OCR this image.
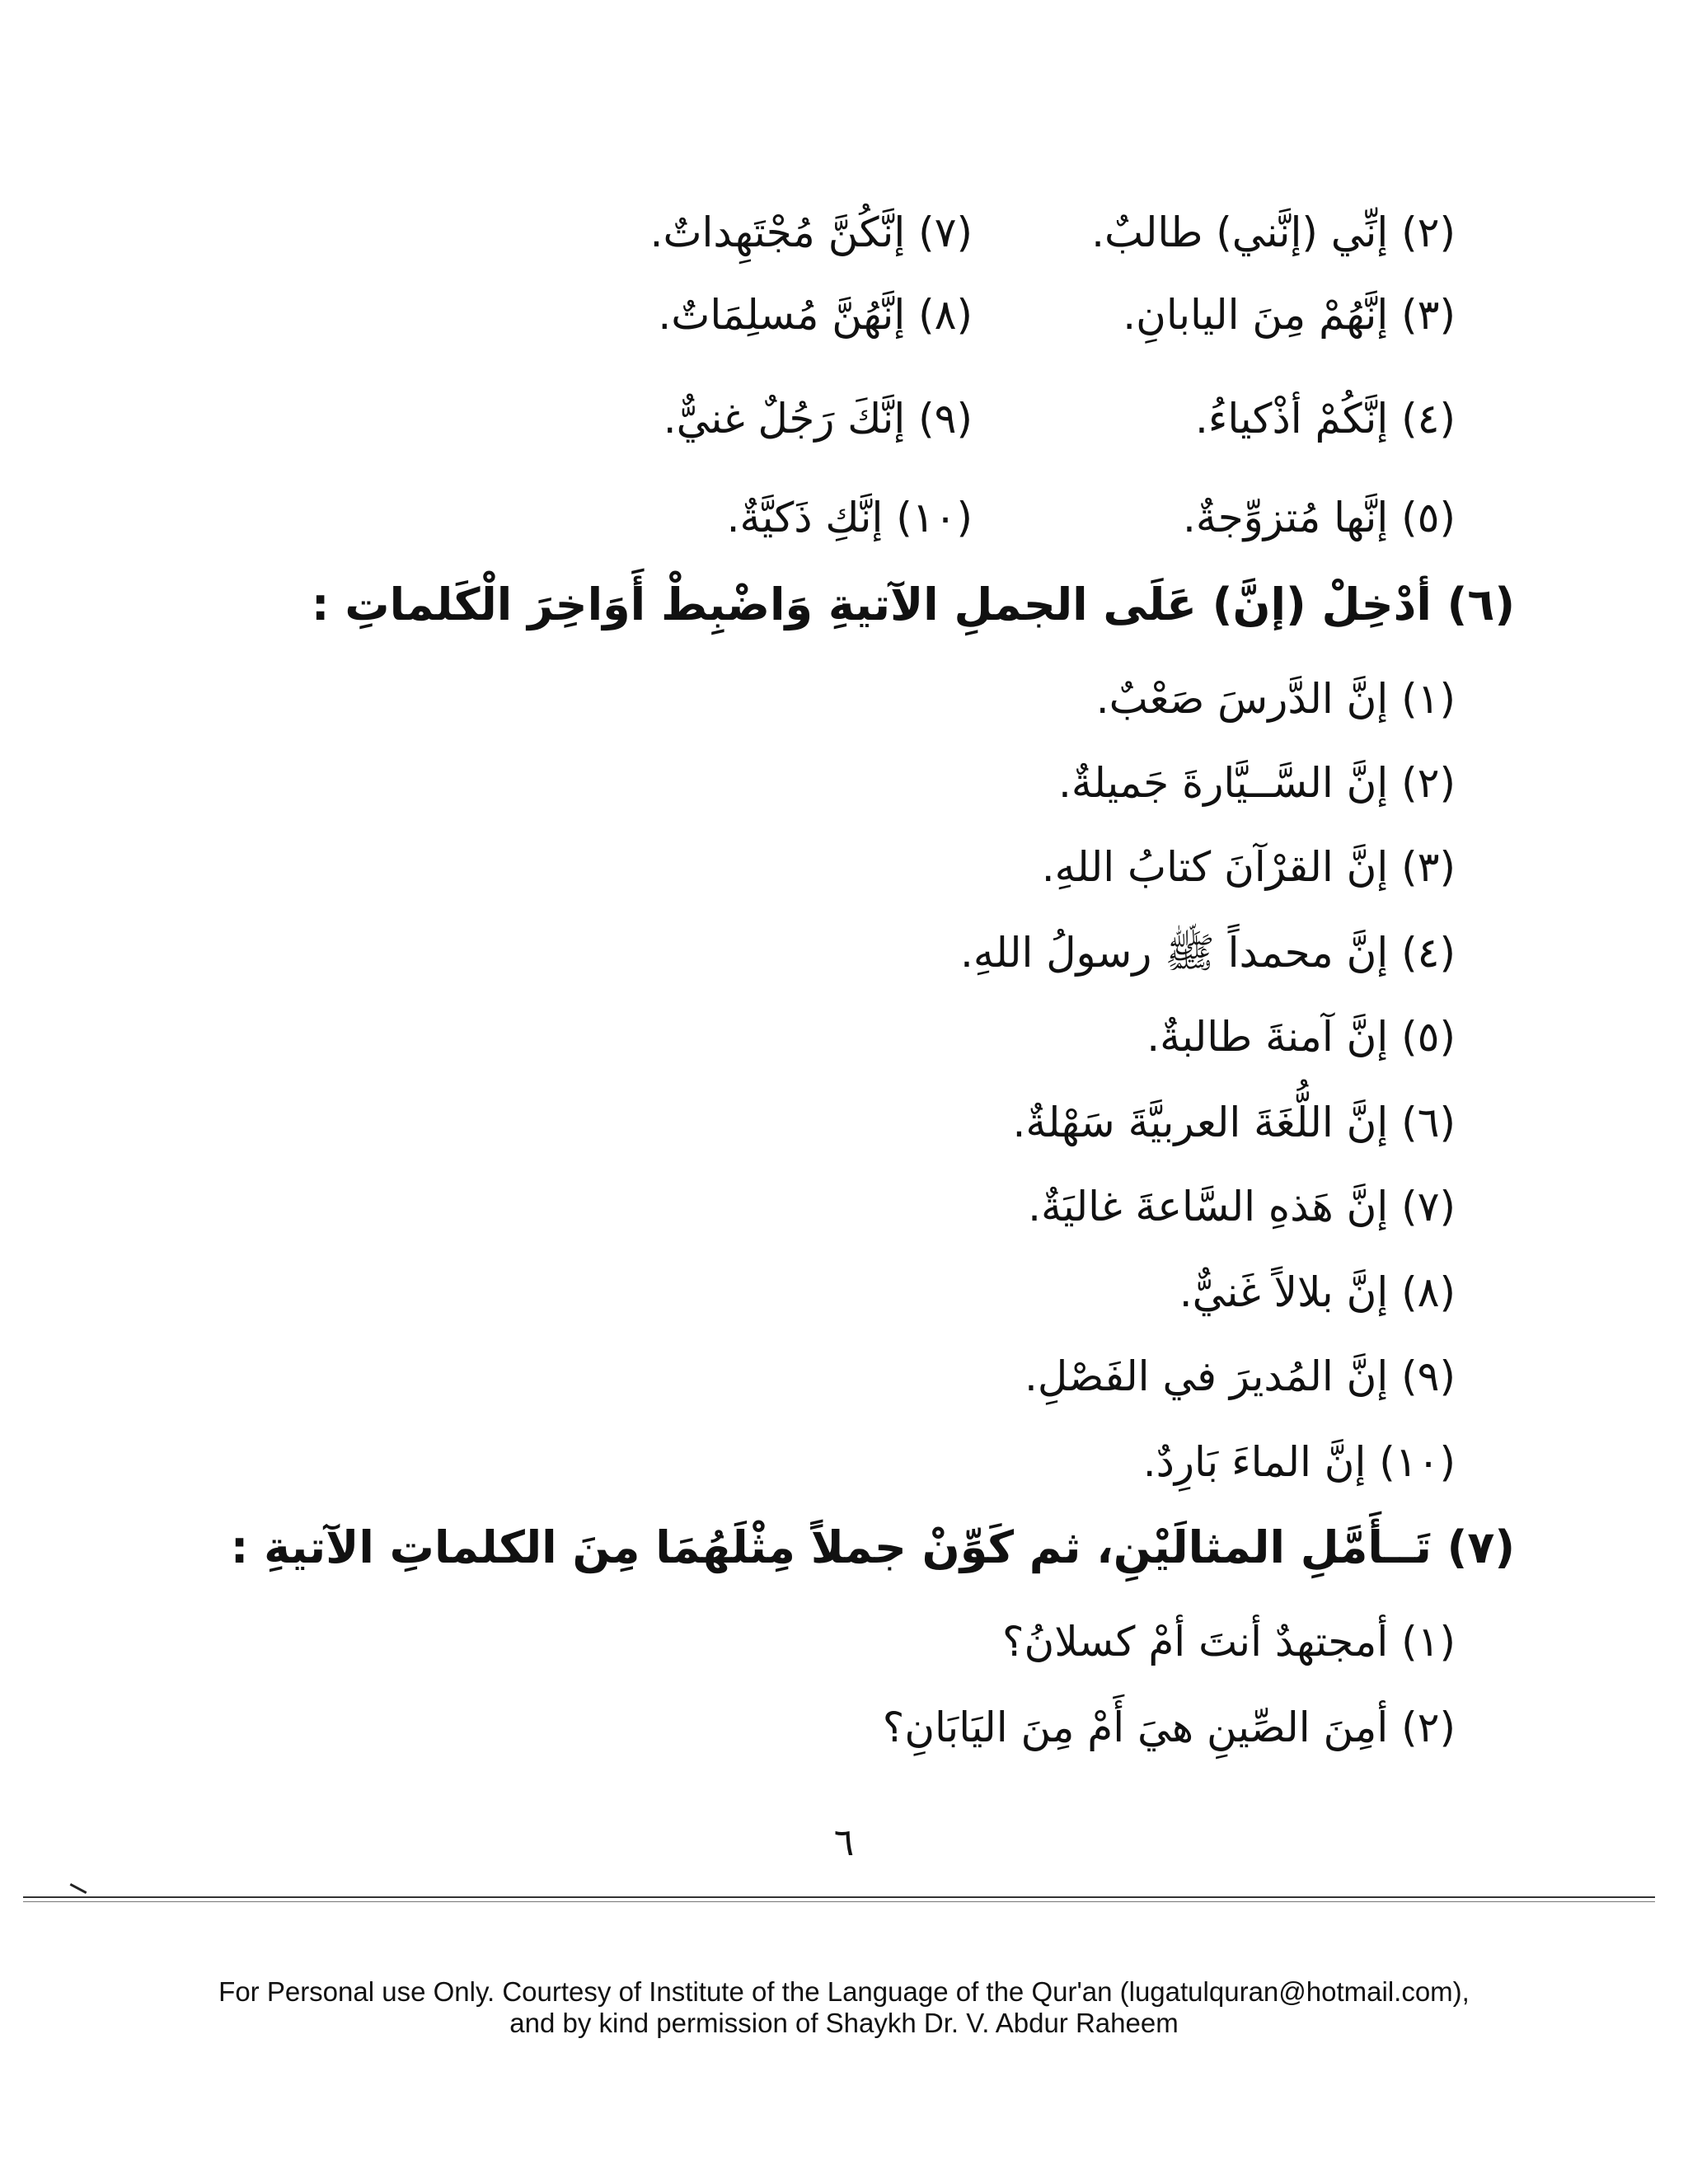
(٢) إنِّي (إنَّني) طالبٌ.
(٣) إنَّهُمْ مِنَ اليابانِ.
(٤) إنَّكُمْ أذْكياءُ.
(٥) إنَّها مُتزوِّجةٌ.
(٧) إنَّكُنَّ مُجْتَهِداتٌ.
(٨) إنَّهُنَّ مُسلِمَاتٌ.
(٩) إنَّكَ رَجُلٌ غنيٌّ.
(١٠) إنَّكِ ذَكيَّةٌ.
(٦) أدْخِلْ (إنَّ) عَلَى الجملِ الآتيةِ وَاضْبِطْ أَوَاخِرَ الْكَلماتِ :
(١) إنَّ الدَّرسَ صَعْبٌ.
(٢) إنَّ السَّــيَّارةَ جَميلةٌ.
(٣) إنَّ القرْآنَ كتابُ اللهِ.
(٤) إنَّ محمداً ﷺ رسولُ اللهِ.
(٥) إنَّ آمنةَ طالبةٌ.
(٦) إنَّ اللُّغَةَ العربيَّةَ سَهْلةٌ.
(٧) إنَّ هَذهِ السَّاعةَ غاليَةٌ.
(٨) إنَّ بلالاً غَنيٌّ.
(٩) إنَّ المُديرَ في الفَصْلِ.
(١٠) إنَّ الماءَ بَارِدٌ.
(٧) تَــأَمَّلِ المثالَيْنِ، ثم كَوِّنْ جملاً مِثْلَهُمَا مِنَ الكلماتِ الآتيةِ :
(١) أمجتهدٌ أنتَ أمْ كسلانُ؟
(٢) أمِنَ الصِّينِ هيَ أَمْ مِنَ اليَابَانِ؟
٦
For Personal use Only. Courtesy of Institute of the Language of the Qur'an (lugatulquran@hotmail.com),
and by kind permission of Shaykh Dr. V. Abdur Raheem
